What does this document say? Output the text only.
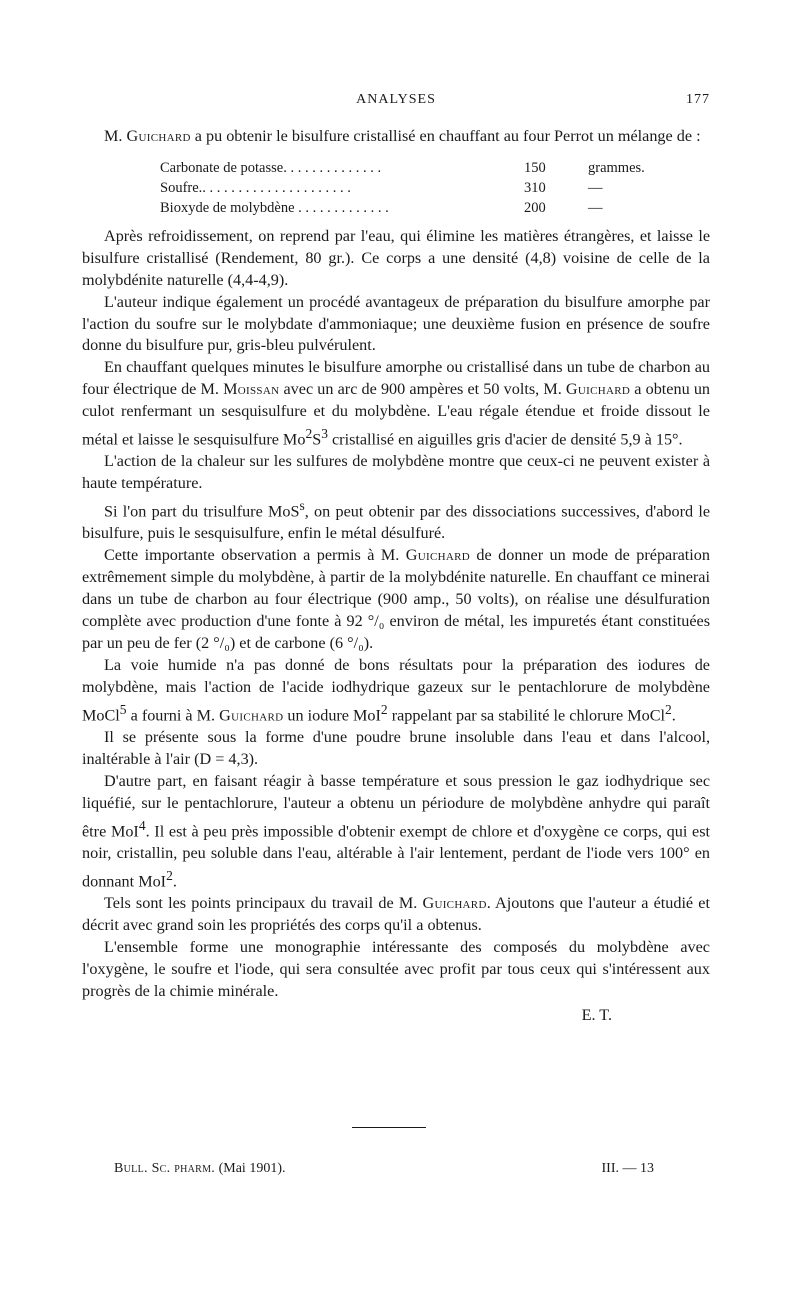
ANALYSES	177

M. Guichard a pu obtenir le bisulfure cristallisé en chauffant au four Perrot un mélange de :

Carbonate de potasse. . . . . . . . . . . . . .	150	grammes.
Soufre.. . . . . . . . . . . . . . . . . . . . .	310	—
Bioxyde de molybdène . . . . . . . . . . . . .	200	—

Après refroidissement, on reprend par l'eau, qui élimine les matières étrangères, et laisse le bisulfure cristallisé (Rendement, 80 gr.). Ce corps a une densité (4,8) voisine de celle de la molybdénite naturelle (4,4-4,9).

L'auteur indique également un procédé avantageux de préparation du bisulfure amorphe par l'action du soufre sur le molybdate d'ammoniaque; une deuxième fusion en présence de soufre donne du bisulfure pur, gris-bleu pulvérulent.

En chauffant quelques minutes le bisulfure amorphe ou cristallisé dans un tube de charbon au four électrique de M. Moissan avec un arc de 900 ampères et 50 volts, M. Guichard a obtenu un culot renfermant un sesquisulfure et du molybdène. L'eau régale étendue et froide dissout le métal et laisse le sesquisulfure $Mo^2S^3$ cristallisé en aiguilles gris d'acier de densité 5,9 à 15°.

L'action de la chaleur sur les sulfures de molybdène montre que ceux-ci ne peuvent exister à haute température.

Si l'on part du trisulfure MoS$^s$, on peut obtenir par des dissociations successives, d'abord le bisulfure, puis le sesquisulfure, enfin le métal désulfuré.

Cette importante observation a permis à M. Guichard de donner un mode de préparation extrêmement simple du molybdène, à partir de la molybdénite naturelle. En chauffant ce minerai dans un tube de charbon au four électrique (900 amp., 50 volts), on réalise une désulfuration complète avec production d'une fonte à 92 °/₀ environ de métal, les impuretés étant constituées par un peu de fer (2 °/₀) et de carbone (6 °/₀).

La voie humide n'a pas donné de bons résultats pour la préparation des iodures de molybdène, mais l'action de l'acide iodhydrique gazeux sur le pentachlorure de molybdène MoCl$^5$ a fourni à M. Guichard un iodure MoI$^2$ rappelant par sa stabilité le chlorure MoCl$^2$.

Il se présente sous la forme d'une poudre brune insoluble dans l'eau et dans l'alcool, inaltérable à l'air (D = 4,3).

D'autre part, en faisant réagir à basse température et sous pression le gaz iodhydrique sec liquéfié, sur le pentachlorure, l'auteur a obtenu un périodure de molybdène anhydre qui paraît être MoI$^4$. Il est à peu près impossible d'obtenir exempt de chlore et d'oxygène ce corps, qui est noir, cristallin, peu soluble dans l'eau, altérable à l'air lentement, perdant de l'iode vers 100° en donnant MoI$^2$.

Tels sont les points principaux du travail de M. Guichard. Ajoutons que l'auteur a étudié et décrit avec grand soin les propriétés des corps qu'il a obtenus.

L'ensemble forme une monographie intéressante des composés du molybdène avec l'oxygène, le soufre et l'iode, qui sera consultée avec profit par tous ceux qui s'intéressent aux progrès de la chimie minérale.

E. T.
Bull. Sc. pharm. (Mai 1901).	III. — 13
